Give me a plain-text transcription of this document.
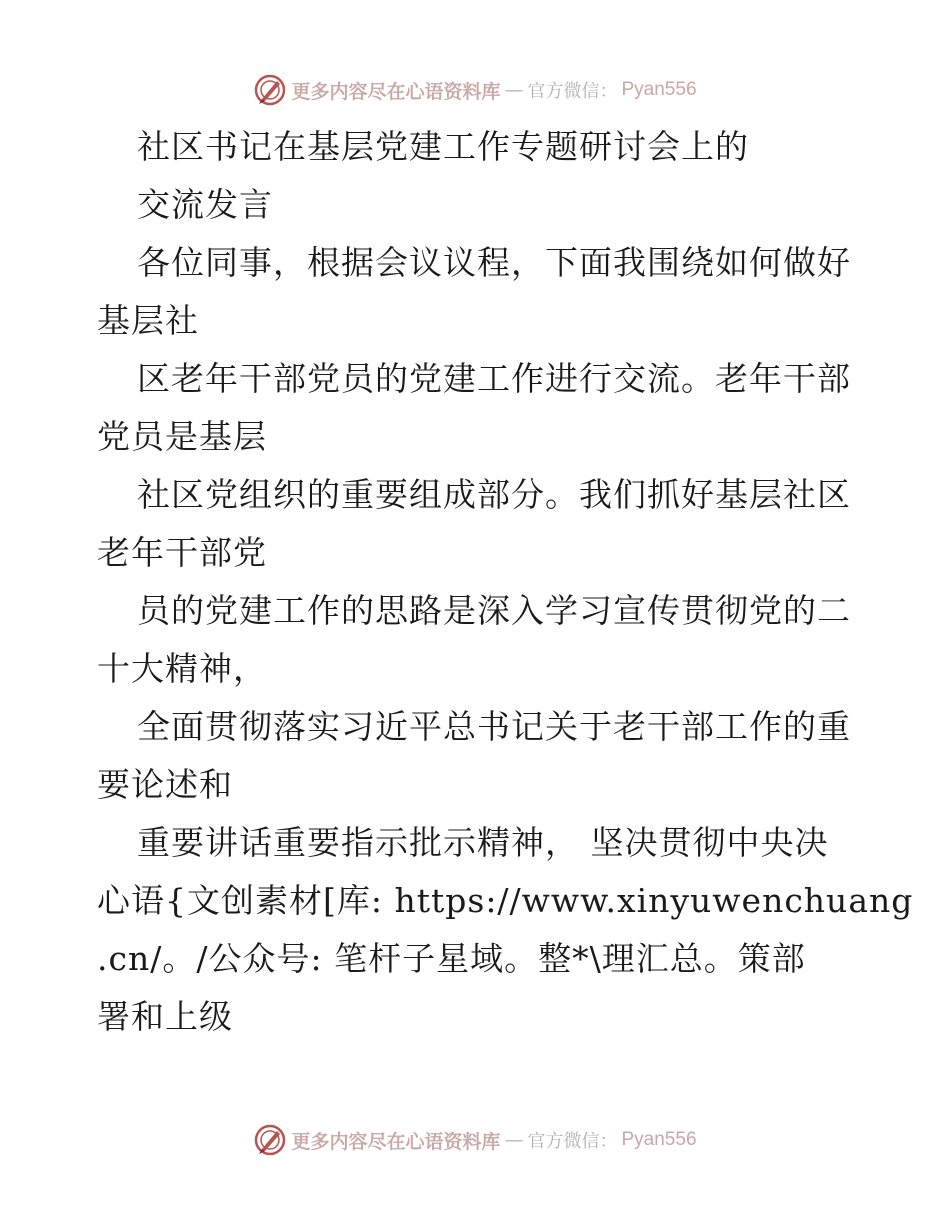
更多内容尽在心语资料库 — 官方微信： Pyan556
社区书记在基层党建工作专题研讨会上的
交流发言
各位同事，根据会议议程，下面我围绕如何做好
基层社
区老年干部党员的党建工作进行交流。老年干部
党员是基层
社区党组织的重要组成部分。我们抓好基层社区
老年干部党
员的党建工作的思路是深入学习宣传贯彻党的二
十大精神，
全面贯彻落实习近平总书记关于老干部工作的重
要论述和
重要讲话重要指示批示精神， 坚决贯彻中央决
心语{文创素材[库: https://www.xinyuwenchuang
.cn/。/公众号: 笔杆子星域。整*\理汇总。策部
署和上级
更多内容尽在心语资料库 — 官方微信： Pyan556
